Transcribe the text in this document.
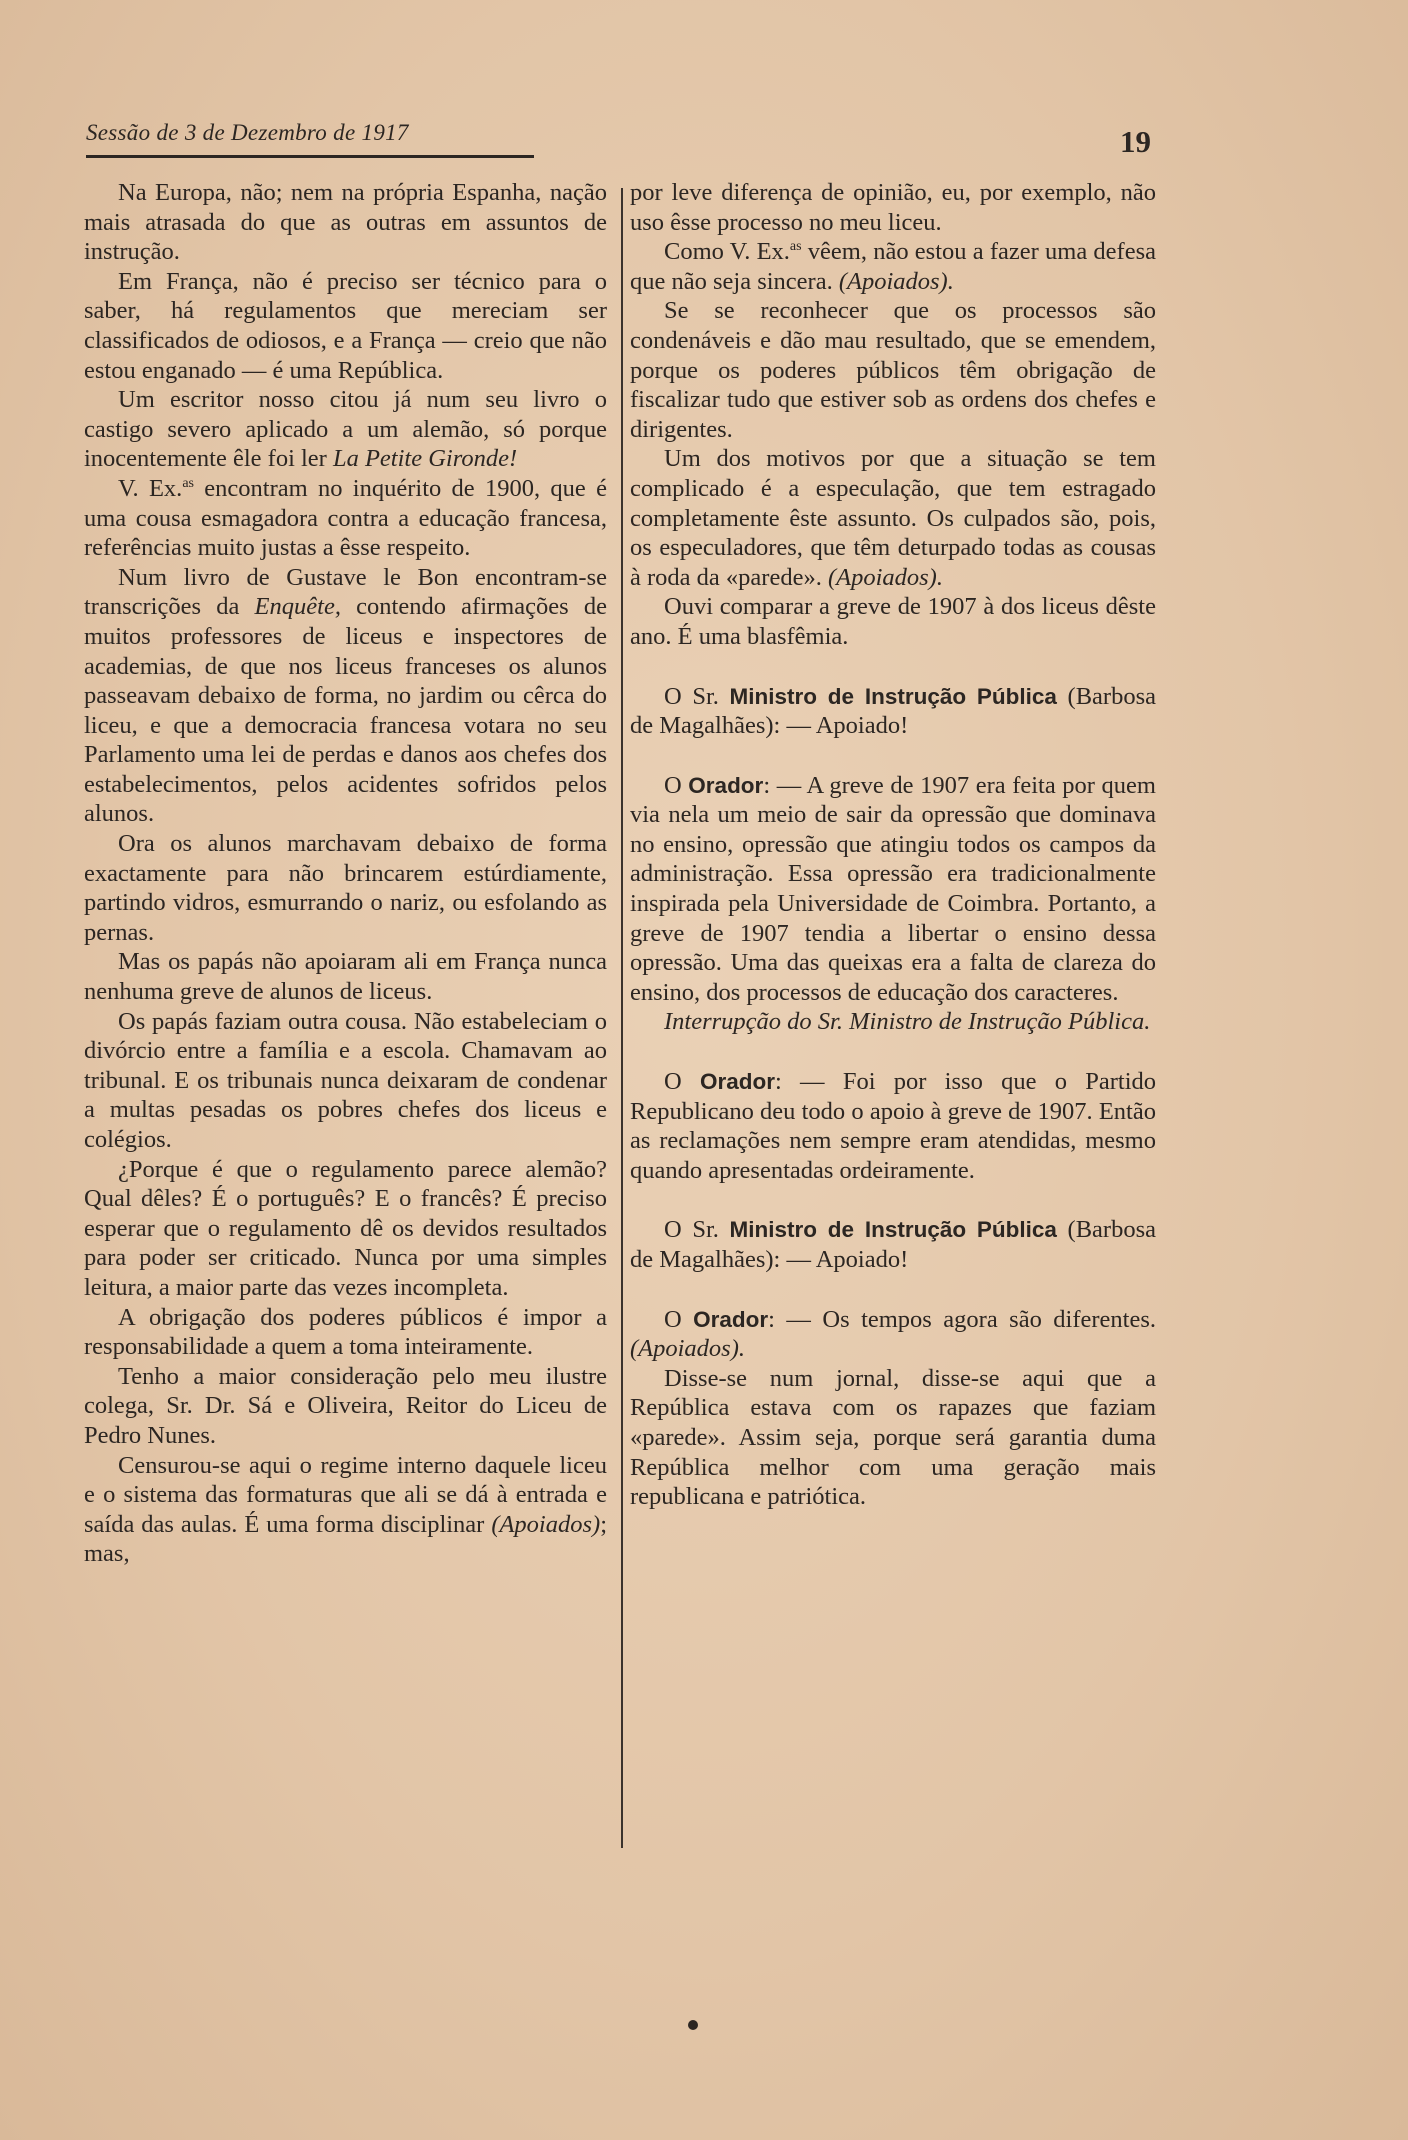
Sessão de 3 de Dezembro de 1917	19

Na Europa, não; nem na própria Espanha, nação mais atrasada do que as outras em assuntos de instrução.

Em França, não é preciso ser técnico para o saber, há regulamentos que mereciam ser classificados de odiosos, e a França — creio que não estou enganado — é uma República.

Um escritor nosso citou já num seu livro o castigo severo aplicado a um alemão, só porque inocentemente êle foi ler La Petite Gironde!

V. Ex.$^{as}$ encontram no inquérito de 1900, que é uma cousa esmagadora contra a educação francesa, referências muito justas a êsse respeito.

Num livro de Gustave le Bon encontram-se transcrições da Enquête, contendo afirmações de muitos professores de liceus e inspectores de academias, de que nos liceus franceses os alunos passeavam debaixo de forma, no jardim ou cêrca do liceu, e que a democracia francesa votara no seu Parlamento uma lei de perdas e danos aos chefes dos estabelecimentos, pelos acidentes sofridos pelos alunos.

Ora os alunos marchavam debaixo de forma exactamente para não brincarem estúrdiamente, partindo vidros, esmurrando o nariz, ou esfolando as pernas.

Mas os papás não apoiaram ali em França nunca nenhuma greve de alunos de liceus.

Os papás faziam outra cousa. Não estabeleciam o divórcio entre a família e a escola. Chamavam ao tribunal. E os tribunais nunca deixaram de condenar a multas pesadas os pobres chefes dos liceus e colégios.

¿Porque é que o regulamento parece alemão? Qual dêles? É o português? E o francês? É preciso esperar que o regulamento dê os devidos resultados para poder ser criticado. Nunca por uma simples leitura, a maior parte das vezes incompleta.

A obrigação dos poderes públicos é impor a responsabilidade a quem a toma inteiramente.

Tenho a maior consideração pelo meu ilustre colega, Sr. Dr. Sá e Oliveira, Reitor do Liceu de Pedro Nunes.

Censurou-se aqui o regime interno daquele liceu e o sistema das formaturas que ali se dá à entrada e saída das aulas. É uma forma disciplinar (Apoiados); mas,

por leve diferença de opinião, eu, por exemplo, não uso êsse processo no meu liceu.

Como V. Ex.$^{as}$ vêem, não estou a fazer uma defesa que não seja sincera. (Apoiados).

Se se reconhecer que os processos são condenáveis e dão mau resultado, que se emendem, porque os poderes públicos têm obrigação de fiscalizar tudo que estiver sob as ordens dos chefes e dirigentes.

Um dos motivos por que a situação se tem complicado é a especulação, que tem estragado completamente êste assunto. Os culpados são, pois, os especuladores, que têm deturpado todas as cousas à roda da «parede». (Apoiados).

Ouvi comparar a greve de 1907 à dos liceus dêste ano. É uma blasfêmia.

O Sr. Ministro de Instrução Pública (Barbosa de Magalhães): — Apoiado!

O Orador: — A greve de 1907 era feita por quem via nela um meio de sair da opressão que dominava no ensino, opressão que atingiu todos os campos da administração. Essa opressão era tradicionalmente inspirada pela Universidade de Coimbra. Portanto, a greve de 1907 tendia a libertar o ensino dessa opressão. Uma das queixas era a falta de clareza do ensino, dos processos de educação dos caracteres.

Interrupção do Sr. Ministro de Instrução Pública.

O Orador: — Foi por isso que o Partido Republicano deu todo o apoio à greve de 1907. Então as reclamações nem sempre eram atendidas, mesmo quando apresentadas ordeiramente.

O Sr. Ministro de Instrução Pública (Barbosa de Magalhães): — Apoiado!

O Orador: — Os tempos agora são diferentes. (Apoiados).

Disse-se num jornal, disse-se aqui que a República estava com os rapazes que faziam «parede». Assim seja, porque será garantia duma República melhor com uma geração mais republicana e patriótica.
